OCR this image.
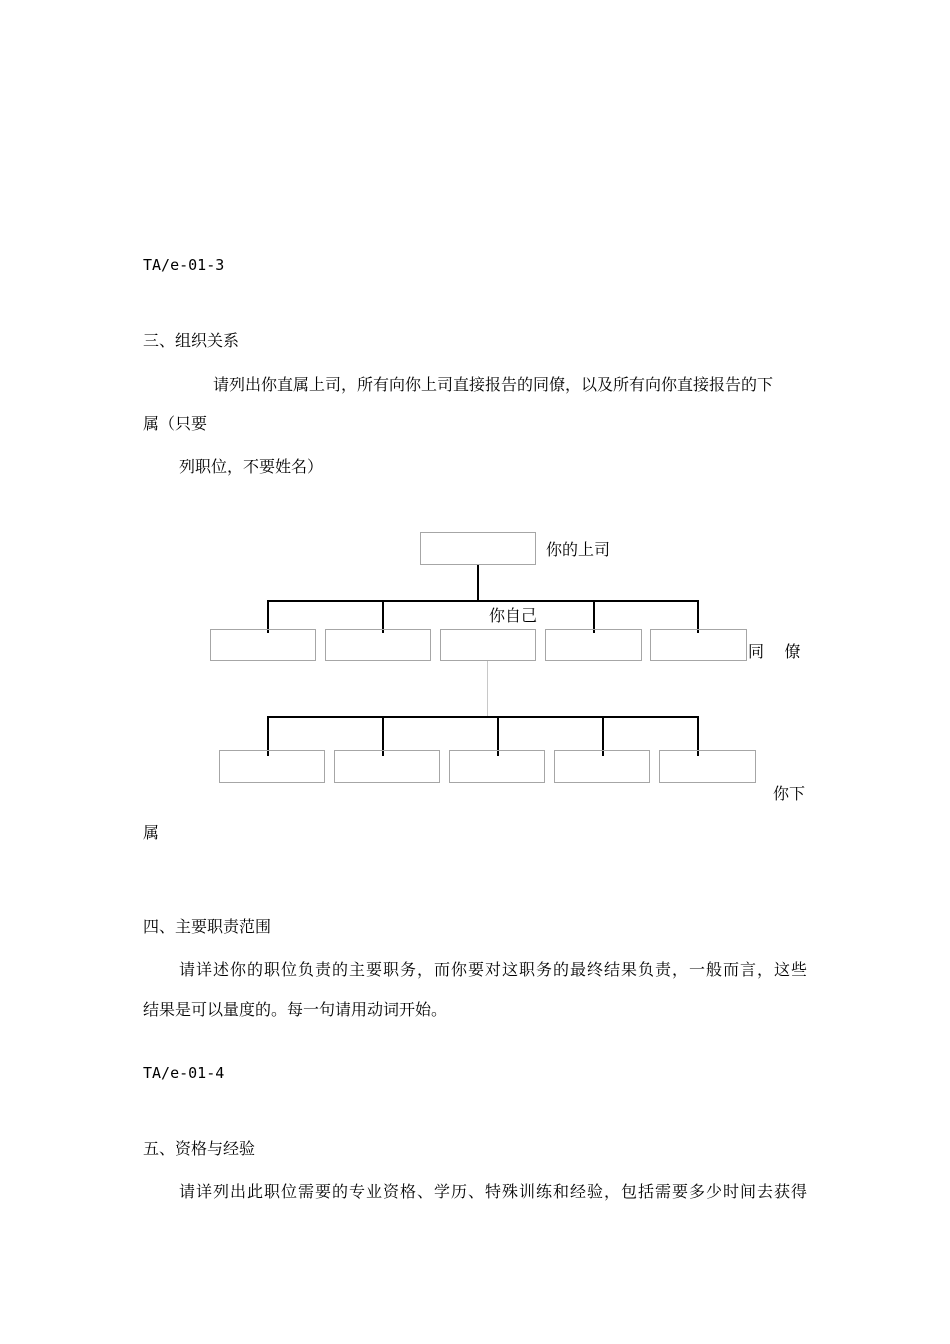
TA/e-01-3
三、组织关系
请列出你直属上司，所有向你上司直接报告的同僚，以及所有向你直接报告的下
属（只要
列职位，不要姓名）
你的上司
你自己
同    僚
你下
属
四、主要职责范围
请详述你的职位负责的主要职务，而你要对这职务的最终结果负责，一般而言，这些
结果是可以量度的。每一句请用动词开始。
TA/e-01-4
五、资格与经验
请详列出此职位需要的专业资格、学历、特殊训练和经验，包括需要多少时间去获得
